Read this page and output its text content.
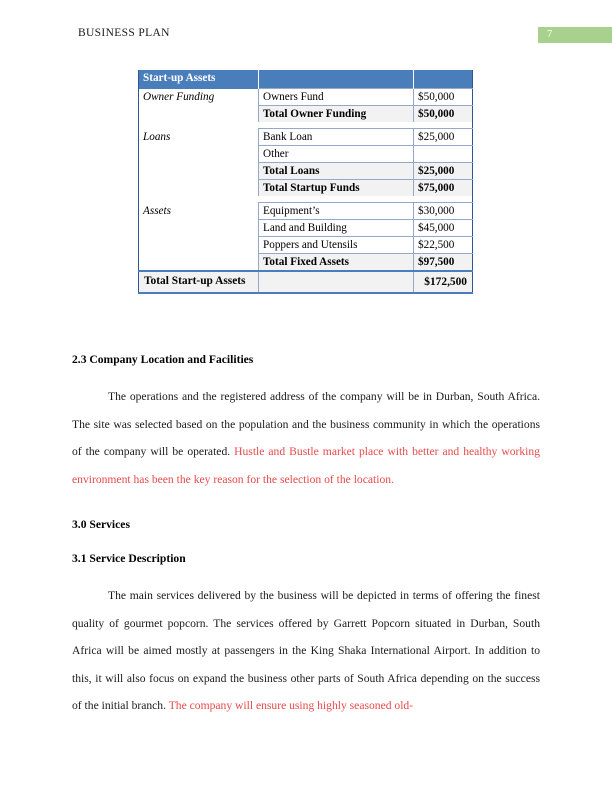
BUSINESS PLAN	7
Start-up Assets		
Owner Funding	Owners Fund	$50,000
	Total Owner Funding	$50,000

Loans	Bank Loan	$25,000
	Other	
	Total Loans	$25,000
	Total Startup Funds	$75,000

Assets	Equipment’s	$30,000
	Land and Building	$45,000
	Poppers and Utensils	$22,500
	Total Fixed Assets	$97,500
Total Start-up Assets		$172,500
2.3 Company Location and Facilities

The operations and the registered address of the company will be in Durban, South Africa. The site was selected based on the population and the business community in which the operations of the company will be operated. Hustle and Bustle market place with better and healthy working environment has been the key reason for the selection of the location.

3.0 Services
3.1 Service Description

The main services delivered by the business will be depicted in terms of offering the finest quality of gourmet popcorn. The services offered by Garrett Popcorn situated in Durban, South Africa will be aimed mostly at passengers in the King Shaka International Airport. In addition to this, it will also focus on expand the business other parts of South Africa depending on the success of the initial branch. The company will ensure using highly seasoned old-
